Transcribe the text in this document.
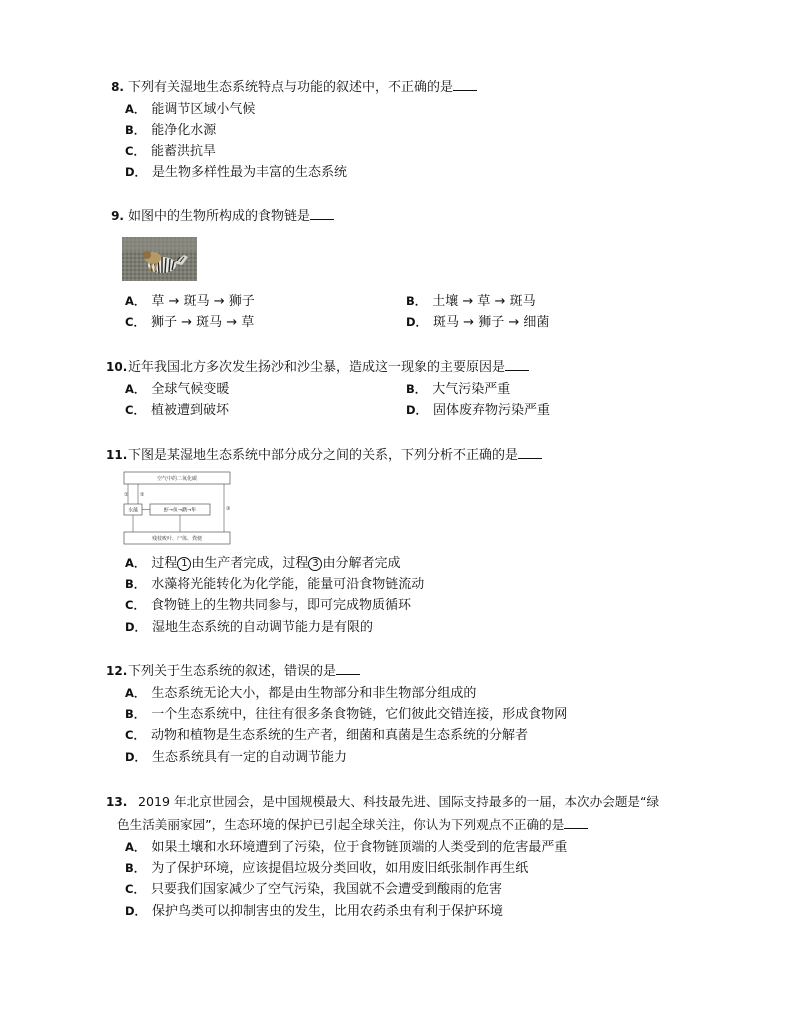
8. 下列有关湿地生态系统特点与功能的叙述中，不正确的是
A． 能调节区域小气候
B． 能净化水源
C． 能蓄洪抗旱
D． 是生物多样性最为丰富的生态系统
9. 如图中的生物所构成的食物链是
A． 草 → 斑马 → 狮子	B． 土壤 → 草 → 斑马
C． 狮子 → 斑马 → 草	D． 斑马 → 狮子 → 细菌
10.近年我国北方多次发生扬沙和沙尘暴，造成这一现象的主要原因是
A． 全球气候变暖	B． 大气污染严重
C． 植被遭到破坏	D． 固体废弃物污染严重
11.下图是某湿地生态系统中部分成分之间的关系，下列分析不正确的是
空气中的二氧化碳
水藻	虾→鱼→鹳→隼
残枝败叶、尸体、粪便
① ②
③
A． 过程 1 由生产者完成，过程 3 由分解者完成
B． 水藻将光能转化为化学能，能量可沿食物链流动
C． 食物链上的生物共同参与，即可完成物质循环
D． 湿地生态系统的自动调节能力是有限的
12.下列关于生态系统的叙述，错误的是
A． 生态系统无论大小，都是由生物部分和非生物部分组成的
B． 一个生态系统中，往往有很多条食物链，它们彼此交错连接，形成食物网
C． 动物和植物是生态系统的生产者，细菌和真菌是生态系统的分解者
D． 生态系统具有一定的自动调节能力
13. 2019 年北京世园会，是中国规模最大、科技最先进、国际支持最多的一届，本次办会题是“绿
色生活美丽家园”，生态环境的保护已引起全球关注，你认为下列观点不正确的是
A． 如果土壤和水环境遭到了污染，位于食物链顶端的人类受到的危害最严重
B． 为了保护环境，应该提倡垃圾分类回收，如用废旧纸张制作再生纸
C． 只要我们国家减少了空气污染，我国就不会遭受到酸雨的危害
D． 保护鸟类可以抑制害虫的发生，比用农药杀虫有利于保护环境
